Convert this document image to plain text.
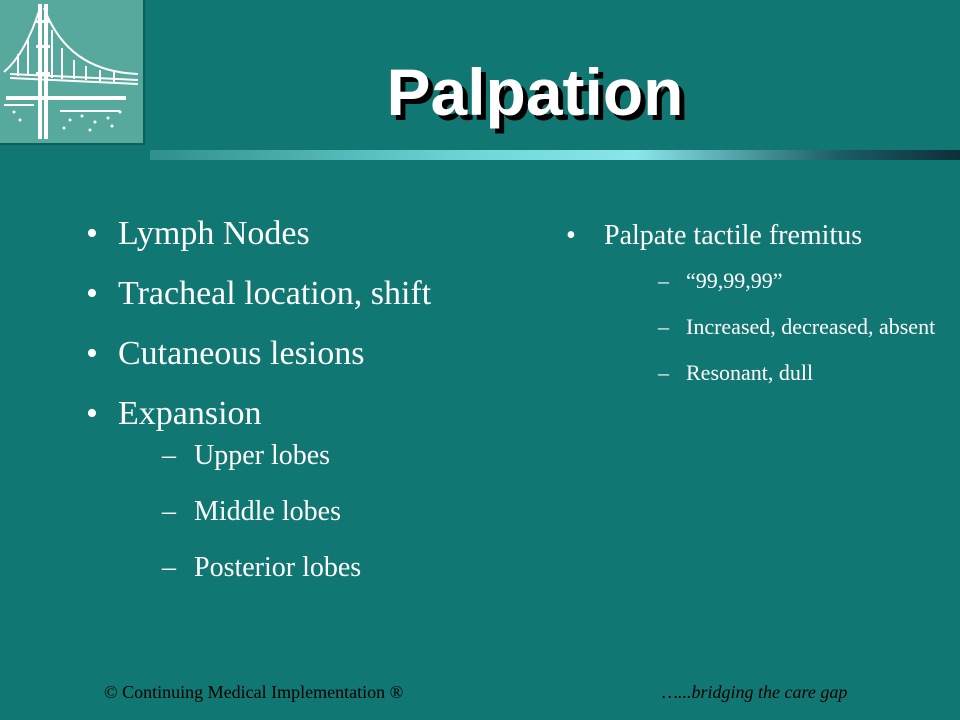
Palpation
• Lymph Nodes
• Tracheal location, shift
• Cutaneous lesions
• Expansion
– Upper lobes
– Middle lobes
– Posterior lobes
• Palpate tactile fremitus
– “99,99,99”
– Increased, decreased, absent
– Resonant, dull
© Continuing Medical Implementation ®	…...bridging the care gap
